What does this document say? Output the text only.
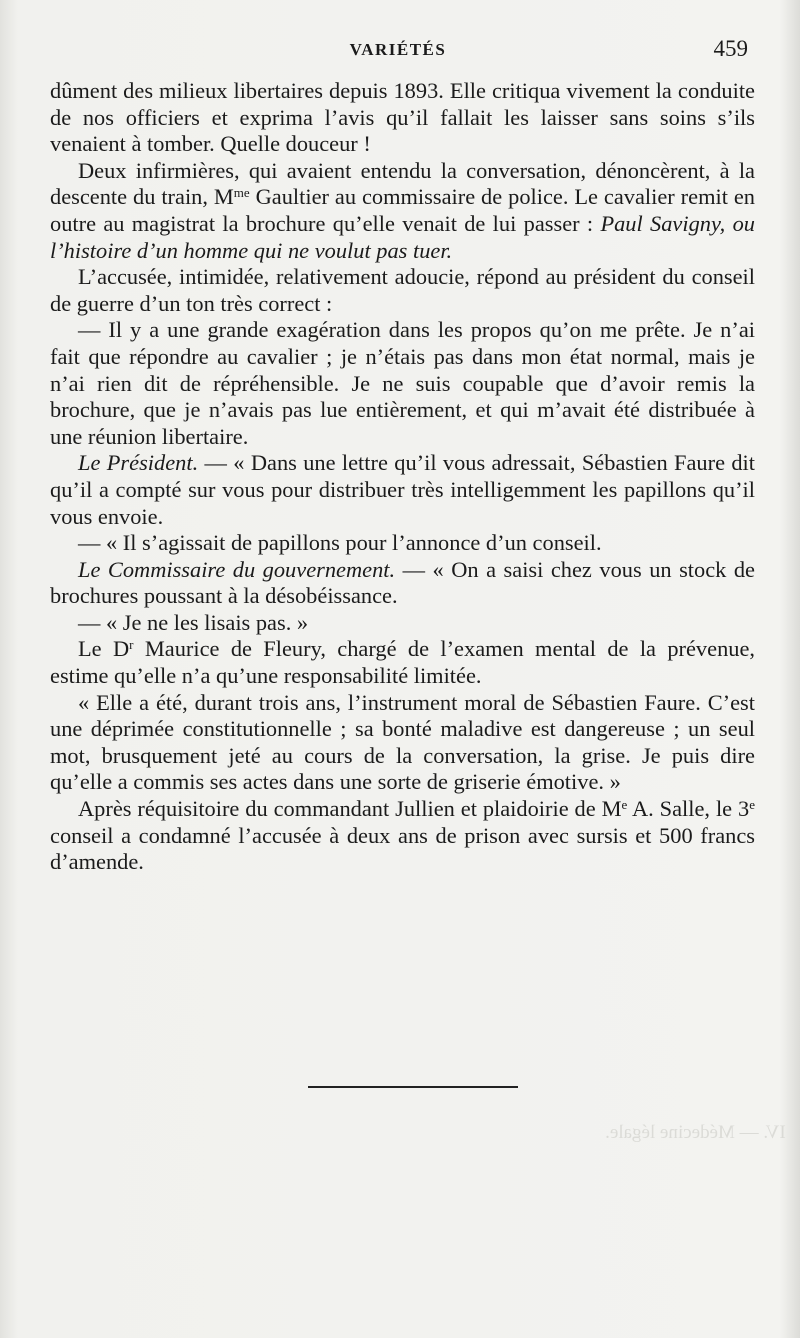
IV. — Médecine légale.
VARIÉTÉS	459

dûment des milieux libertaires depuis 1893. Elle critiqua vivement la conduite de nos officiers et exprima l’avis qu’il fallait les laisser sans soins s’ils venaient à tomber. Quelle douceur !

Deux infirmières, qui avaient entendu la conversation, dénoncèrent, à la descente du train, $M^{me}$ Gaultier au commissaire de police. Le cavalier remit en outre au magistrat la brochure qu’elle venait de lui passer : Paul Savigny, ou l’histoire d’un homme qui ne voulut pas tuer.

L’accusée, intimidée, relativement adoucie, répond au président du conseil de guerre d’un ton très correct :

— Il y a une grande exagération dans les propos qu’on me prête. Je n’ai fait que répondre au cavalier ; je n’étais pas dans mon état normal, mais je n’ai rien dit de répréhensible. Je ne suis coupable que d’avoir remis la brochure, que je n’avais pas lue entièrement, et qui m’avait été distribuée à une réunion libertaire.

Le Président. — « Dans une lettre qu’il vous adressait, Sébastien Faure dit qu’il a compté sur vous pour distribuer très intelligemment les papillons qu’il vous envoie.

— « Il s’agissait de papillons pour l’annonce d’un conseil.

Le Commissaire du gouvernement. — « On a saisi chez vous un stock de brochures poussant à la désobéissance.

— « Je ne les lisais pas. »

Le $D^r$ Maurice de Fleury, chargé de l’examen mental de la prévenue, estime qu’elle n’a qu’une responsabilité limitée.

« Elle a été, durant trois ans, l’instrument moral de Sébastien Faure. C’est une déprimée constitutionnelle ; sa bonté maladive est dangereuse ; un seul mot, brusquement jeté au cours de la conversation, la grise. Je puis dire qu’elle a commis ses actes dans une sorte de griserie émotive. »

Après réquisitoire du commandant Jullien et plaidoirie de Me A. Salle, le 3e conseil a condamné l’accusée à deux ans de prison avec sursis et 500 francs d’amende.
